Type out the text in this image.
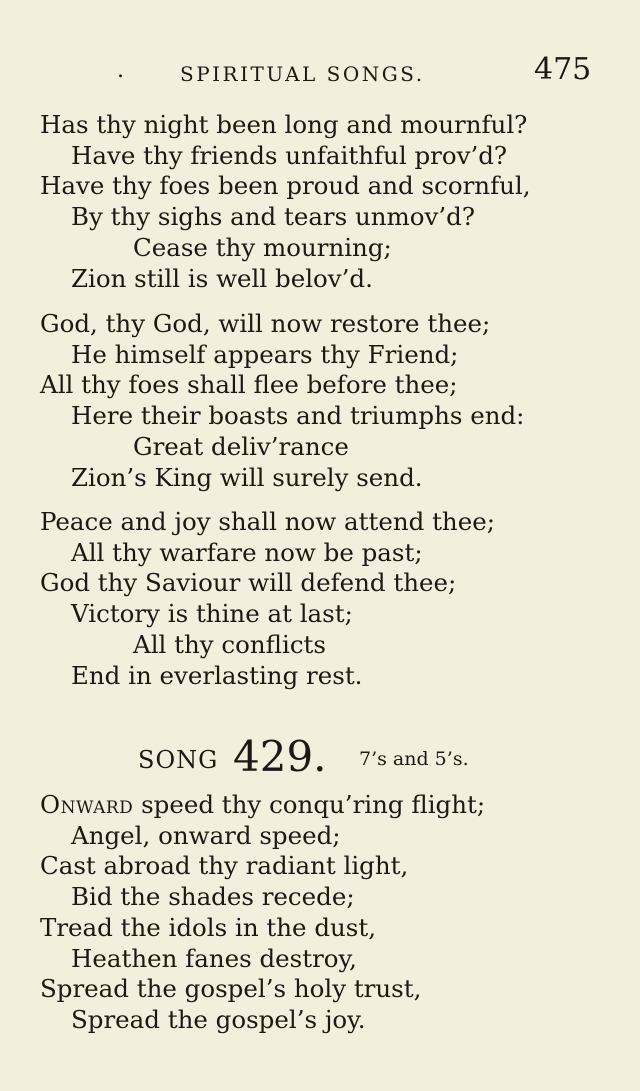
.	SPIRITUAL SONGS.	475
Has thy night been long and mournful?
Have thy friends unfaithful prov’d?
Have thy foes been proud and scornful,
By thy sighs and tears unmov’d?
Cease thy mourning;
Zion still is well belov’d.
God, thy God, will now restore thee;
He himself appears thy Friend;
All thy foes shall flee before thee;
Here their boasts and triumphs end:
Great deliv’rance
Zion’s King will surely send.
Peace and joy shall now attend thee;
All thy warfare now be past;
God thy Saviour will defend thee;
Victory is thine at last;
All thy conflicts
End in everlasting rest.
SONG 429. 7’s and 5’s.
Onward speed thy conqu’ring flight;
Angel, onward speed;
Cast abroad thy radiant light,
Bid the shades recede;
Tread the idols in the dust,
Heathen fanes destroy,
Spread the gospel’s holy trust,
Spread the gospel’s joy.
